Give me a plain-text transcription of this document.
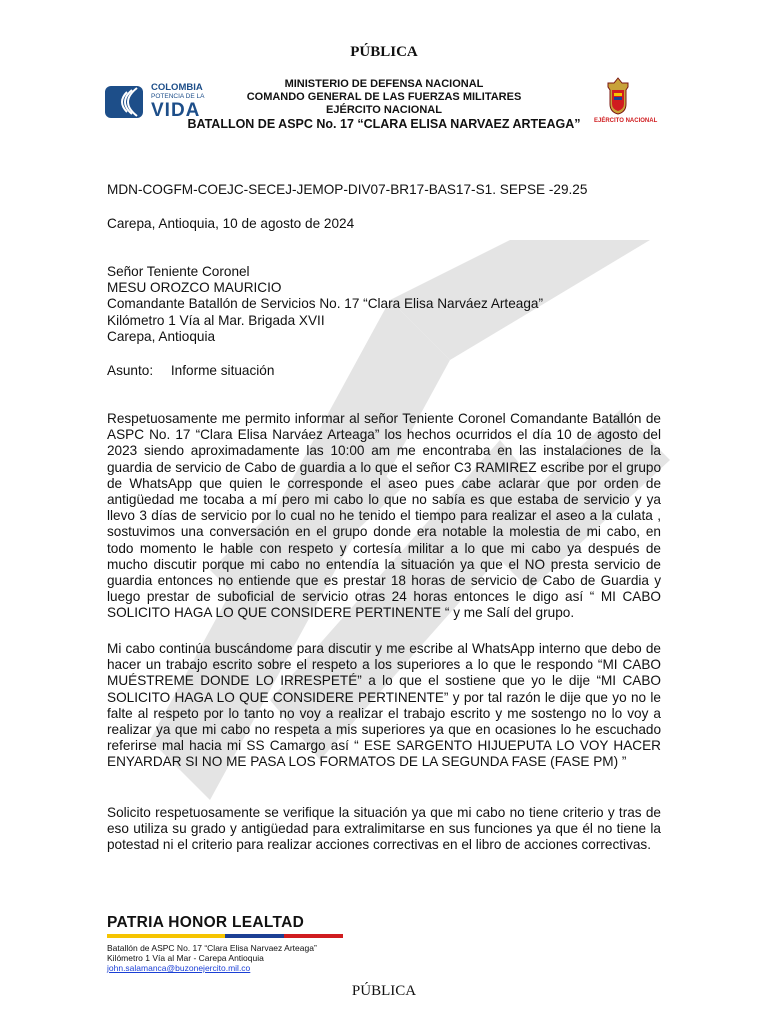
PÚBLICA
COLOMBIA
POTENCIA DE LA
VIDA
MINISTERIO DE DEFENSA NACIONAL
COMANDO GENERAL DE LAS FUERZAS MILITARES
EJÉRCITO NACIONAL
BATALLON DE ASPC No. 17 “CLARA ELISA NARVAEZ ARTEAGA”	EJÉRCITO NACIONAL
MDN-COGFM-COEJC-SECEJ-JEMOP-DIV07-BR17-BAS17-S1. SEPSE -29.25
Carepa, Antioquia, 10 de agosto de 2024
Señor Teniente Coronel
MESU OROZCO MAURICIO
Comandante Batallón de Servicios No. 17 “Clara Elisa Narváez Arteaga”
Kilómetro 1 Vía al Mar. Brigada XVII
Carepa, Antioquia
Asunto: Informe situación
Respetuosamente me permito informar al señor Teniente Coronel Comandante Batallón de ASPC No. 17 “Clara Elisa Narváez Arteaga” los hechos ocurridos el día 10 de agosto del 2023 siendo aproximadamente las 10:00 am me encontraba en las instalaciones de la guardia de servicio de Cabo de guardia a lo que el señor C3 RAMIREZ escribe por el grupo de WhatsApp que quien le corresponde el aseo pues cabe aclarar que por orden de antigüedad me tocaba a mí pero mi cabo lo que no sabía es que estaba de servicio y ya llevo 3 días de servicio por lo cual no he tenido el tiempo para realizar el aseo a la culata , sostuvimos una conversación en el grupo donde era notable la molestia de mi cabo, en todo momento le hable con respeto y cortesía militar a lo que mi cabo ya después de mucho discutir porque mi cabo no entendía la situación ya que el NO presta servicio de guardia entonces no entiende que es prestar 18 horas de servicio de Cabo de Guardia y luego prestar de suboficial de servicio otras 24 horas entonces le digo así “ MI CABO SOLICITO HAGA LO QUE CONSIDERE PERTINENTE “ y me Salí del grupo.
Mi cabo continúa buscándome para discutir y me escribe al WhatsApp interno que debo de hacer un trabajo escrito sobre el respeto a los superiores a lo que le respondo “MI CABO MUÉSTREME DONDE LO IRRESPETÉ” a lo que el sostiene que yo le dije “MI CABO SOLICITO HAGA LO QUE CONSIDERE PERTINENTE” y por tal razón le dije que yo no le falte al respeto por lo tanto no voy a realizar el trabajo escrito y me sostengo no lo voy a realizar ya que mi cabo no respeta a mis superiores ya que en ocasiones lo he escuchado referirse mal hacia mi SS Camargo así “ ESE SARGENTO HIJUEPUTA LO VOY HACER ENYARDAR SI NO ME PASA LOS FORMATOS DE LA SEGUNDA FASE (FASE PM) ”
Solicito respetuosamente se verifique la situación ya que mi cabo no tiene criterio y tras de eso utiliza su grado y antigüedad para extralimitarse en sus funciones ya que él no tiene la potestad ni el criterio para realizar acciones correctivas en el libro de acciones correctivas.
PATRIA HONOR LEALTAD
Batallón de ASPC No. 17 “Clara Elisa Narvaez Arteaga”
Kilómetro 1 Vía al Mar - Carepa Antioquia
john.salamanca@buzonejercito.mil.co
PÚBLICA
